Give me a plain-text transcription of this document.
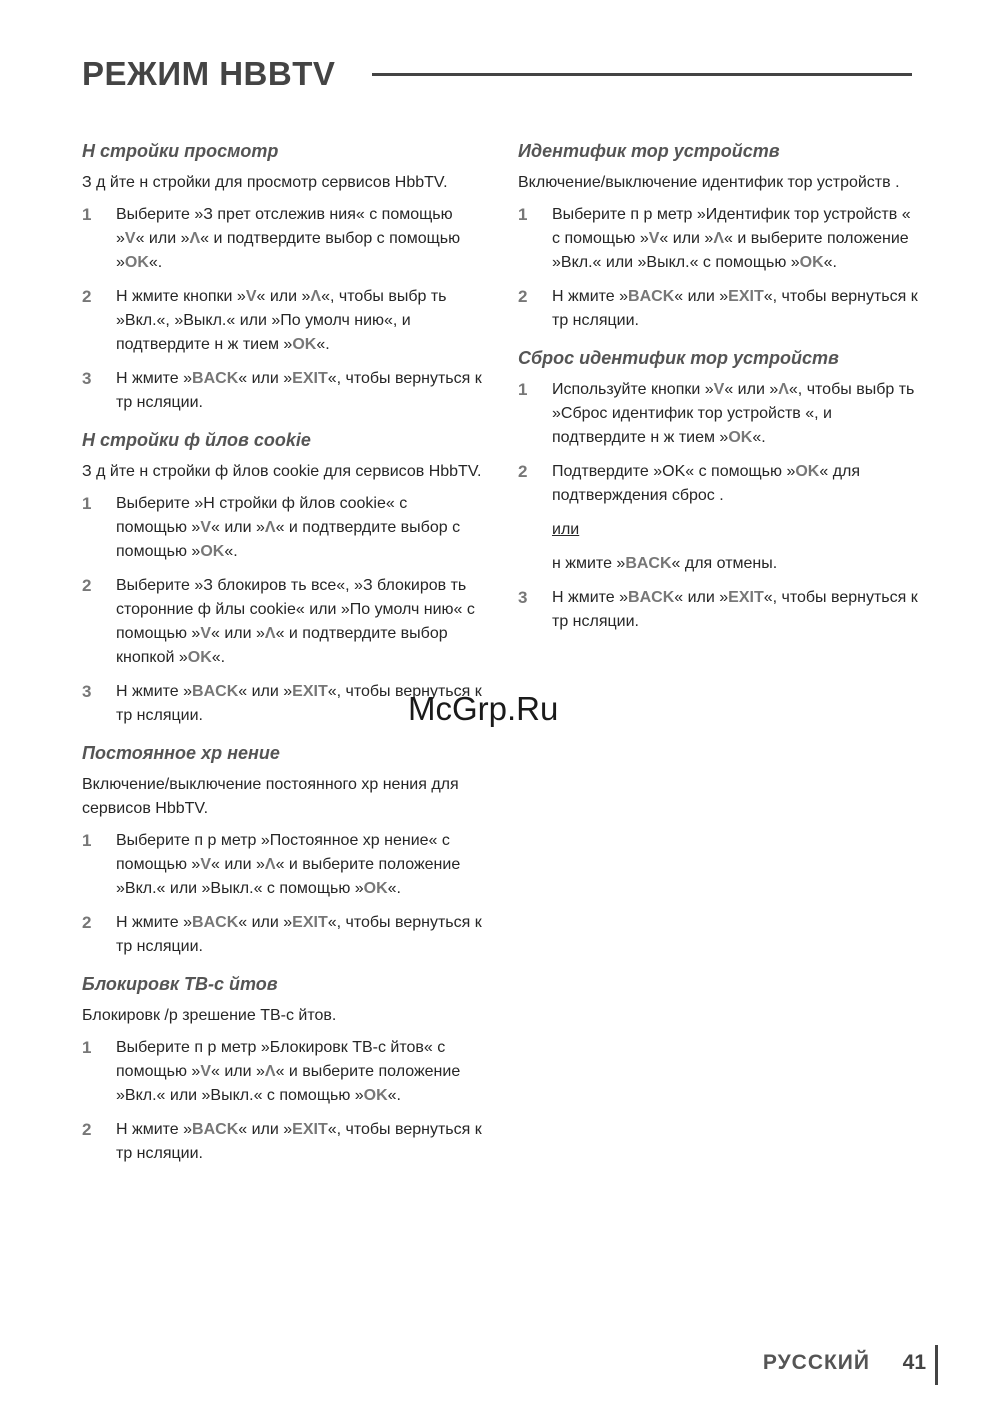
РЕЖИМ HBBTV
Н стройки просмотр
З д йте н стройки для просмотр сервисов HbbTV.
1	Выберите »З прет отслежив ния« с помощью »V« или »Λ« и подтвердите выбор с помощью »OK«.
2	Н жмите кнопки »V« или »Λ«, чтобы выбр ть »Вкл.«, »Выкл.« или »По умолч нию«, и подтвердите н ж тием »OK«.
3	Н жмите »BACK« или »EXIT«, чтобы вернуться к тр нсляции.
Н стройки ф йлов cookie
З д йте н стройки ф йлов cookie для сервисов HbbTV.
1	Выберите »Н стройки ф йлов cookie« с помощью »V« или »Λ« и подтвердите выбор с помощью »OK«.
2	Выберите »З блокиров ть все«, »З блокиров ть сторонние ф йлы cookie« или »По умолч нию« с помощью »V« или »Λ« и подтвердите выбор кнопкой »OK«.
3	Н жмите »BACK« или »EXIT«, чтобы вернуться к тр нсляции.
Постоянное хр нение
Включение/выключение постоянного хр нения для сервисов HbbTV.
1	Выберите п р метр »Постоянное хр нение« с помощью »V« или »Λ« и выберите положение »Вкл.« или »Выкл.« с помощью »OK«.
2	Н жмите »BACK« или »EXIT«, чтобы вернуться к тр нсляции.
Блокировк ТВ-с йтов
Блокировк /р зрешение ТВ-с йтов.
1	Выберите п р метр »Блокировк ТВ-с йтов« с помощью »V« или »Λ« и выберите положение »Вкл.« или »Выкл.« с помощью »OK«.
2	Н жмите »BACK« или »EXIT«, чтобы вернуться к тр нсляции.
Идентифик тор устройств
Включение/выключение идентифик тор устройств .
1	Выберите п р метр »Идентифик тор устройств « с помощью »V« или »Λ« и выберите положение »Вкл.« или »Выкл.« с помощью »OK«.
2	Н жмите »BACK« или »EXIT«, чтобы вернуться к тр нсляции.
Сброс идентифик тор устройств
1	Используйте кнопки »V« или »Λ«, чтобы выбр ть »Сброс идентифик тор устройств «, и подтвердите н ж тием »OK«.
2	Подтвердите »OK« с помощью »OK« для подтверждения сброс .
или
н жмите »BACK« для отмены.
3	Н жмите »BACK« или »EXIT«, чтобы вернуться к тр нсляции.
McGrp.Ru
РУССКИЙ 41
